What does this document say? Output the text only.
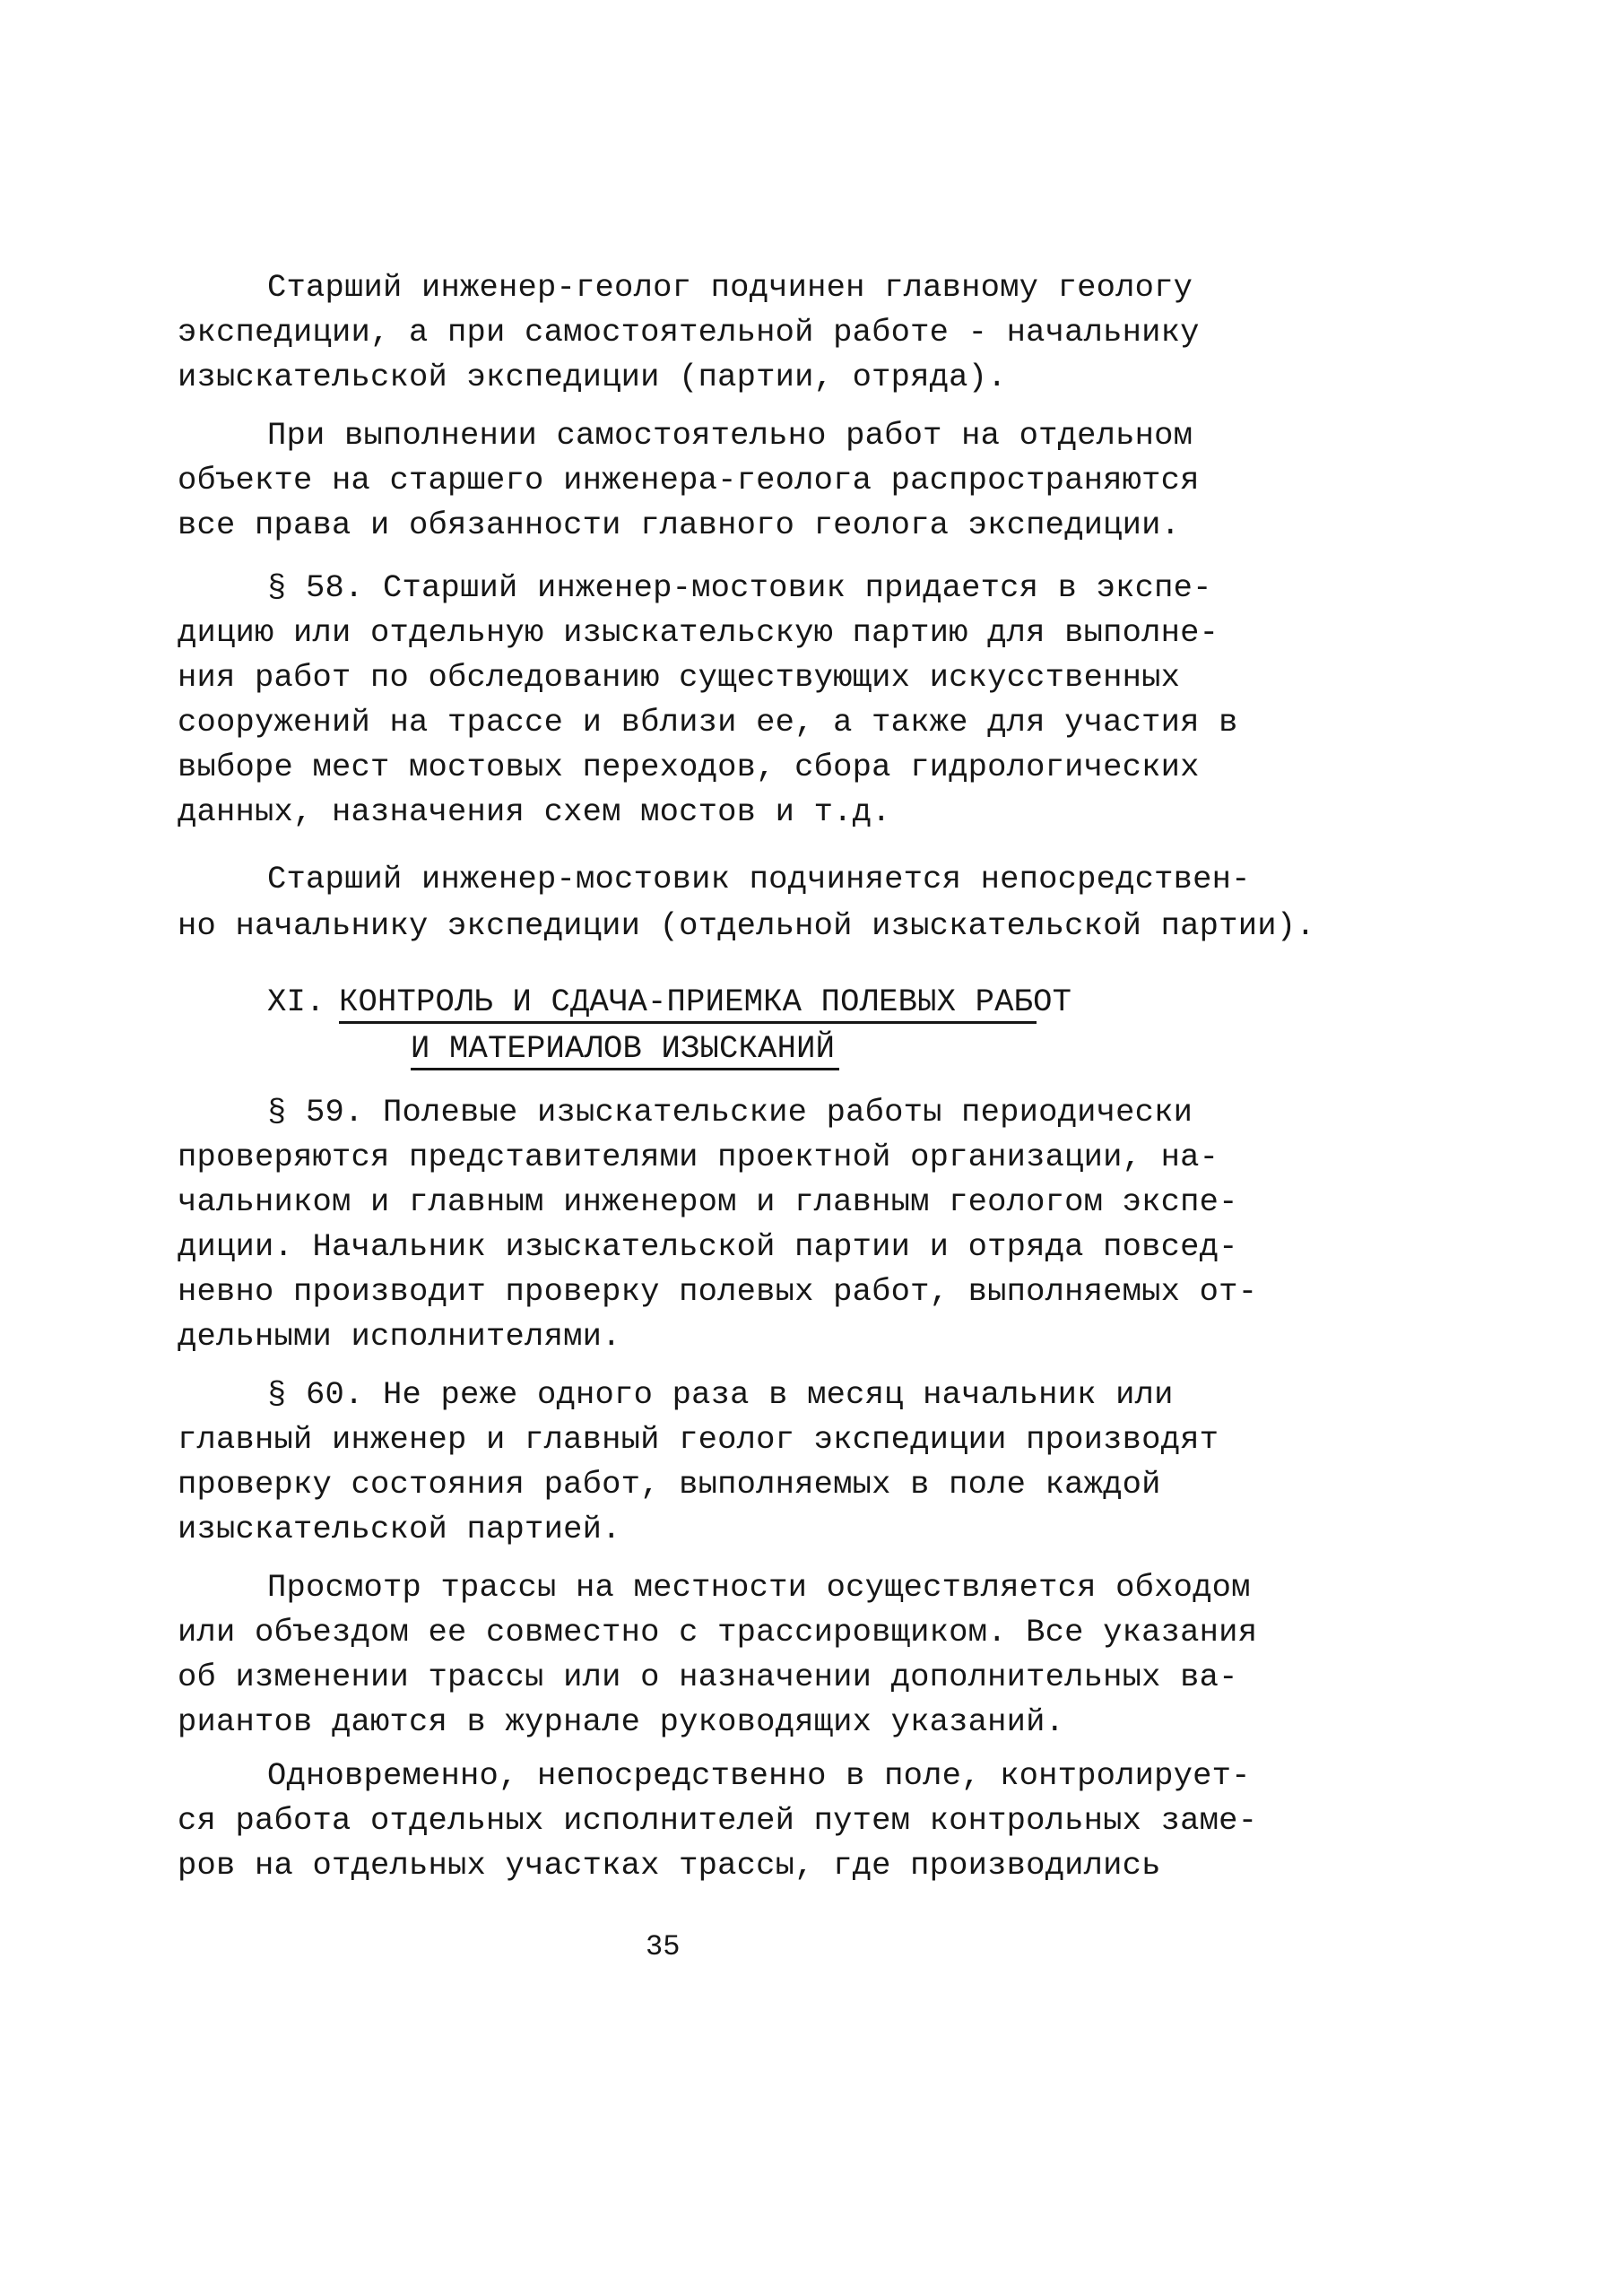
Старший инженер-геолог подчинен главному геологу
экспедиции, а при самостоятельной работе - начальнику
изыскательской экспедиции (партии, отряда).
При выполнении самостоятельно работ на отдельном
объекте на старшего инженера-геолога распространяются
все права и обязанности главного геолога экспедиции.
§ 58. Старший инженер-мостовик придается в экспе-
дицию или отдельную изыскательскую партию для выполне-
ния работ по обследованию существующих искусственных
сооружений на трассе и вблизи ее, а также для участия в
выборе мест мостовых переходов, сбора гидрологических
данных, назначения схем мостов и т.д.
Старший инженер-мостовик подчиняется непосредствен-
но начальнику экспедиции (отдельной изыскательской партии).
XI. КОНТРОЛЬ И СДАЧА-ПРИЕМКА ПОЛЕВЫХ РАБОТ
И МАТЕРИАЛОВ ИЗЫСКАНИЙ
§ 59. Полевые изыскательские работы периодически
проверяются представителями проектной организации, на-
чальником и главным инженером и главным геологом экспе-
диции. Начальник изыскательской партии и отряда повсед-
невно производит проверку полевых работ, выполняемых от-
дельными исполнителями.
§ 60. Не реже одного раза в месяц начальник или
главный инженер и главный геолог экспедиции производят
проверку состояния работ, выполняемых в поле каждой
изыскательской партией.
Просмотр трассы на местности осуществляется обходом
или объездом ее совместно с трассировщиком. Все указания
об изменении трассы или о назначении дополнительных ва-
риантов даются в журнале руководящих указаний.
Одновременно, непосредственно в поле, контролирует-
ся работа отдельных исполнителей путем контрольных заме-
ров на отдельных участках трассы, где производились
35
